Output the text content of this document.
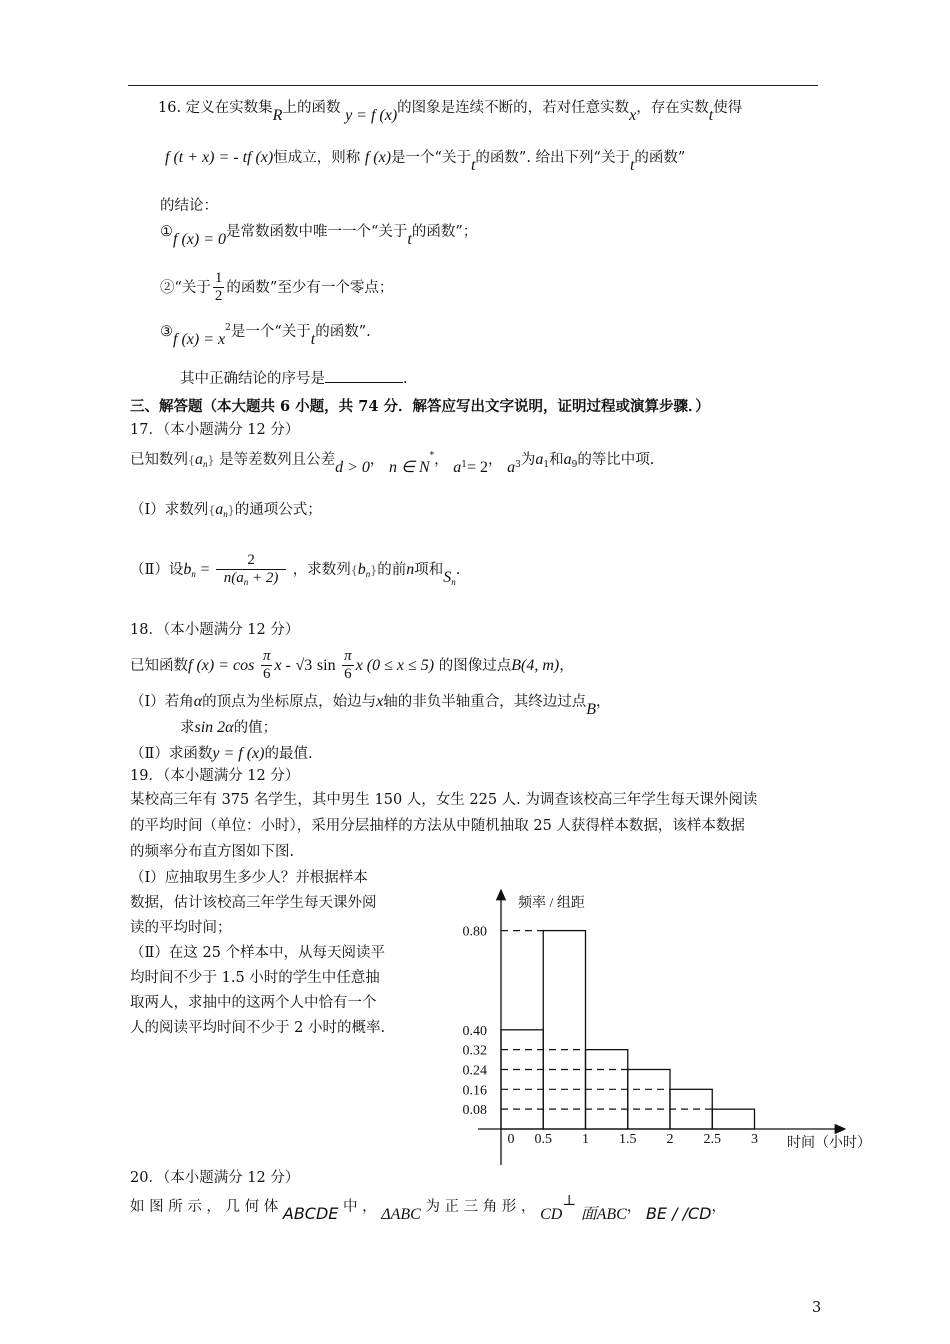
16. 定义在实数集R上的函数 y = f (x)的图象是连续不断的，若对任意实数x，存在实数t使得
f (t + x) = - tf (x)恒成立，则称 f (x)是一个“关于t的函数”. 给出下列“关于t的函数”
的结论：
①f (x) = 0是常数函数中唯一一个“关于t的函数”；
②“关于 $\frac{1}{2}$ 的函数”至少有一个零点；
③f $(x) = x^2$是一个“关于t的函数”.
其中正确结论的序号是	.
三、解答题（本大题共 6 小题，共 74 分．解答应写出文字说明，证明过程或演算步骤．）
17．（本小题满分 12 分）
已知数列$\{a_n\}$ 是等差数列且公差d > 0， n ∈ N*， $a_1= 2$， $a_3$为$a_1$和$a_9$的等比中项.
（Ⅰ）求数列$\{a_n\}$的通项公式；
（Ⅱ）设$b_n = \frac{2}{n(a_n + 2)}$ ，求数列$\{b_n\}$的前n项和$S_n$.
18．（本小题满分 12 分）
已知函数f $(x) = \cos \frac{\pi}{6}$ x - √3 $\sin \frac{\pi}{6}$ x (0 ≤ x ≤ 5) 的图像过点B(4, m)，
（Ⅰ）若角α的顶点为坐标原点，始边与x轴的非负半轴重合，其终边过点B，
求sin 2α的值；
（Ⅱ）求函数y = f (x)的最值.
19．（本小题满分 12 分）
某校高三年有 375 名学生，其中男生 150 人，女生 225 人. 为调查该校高三年学生每天课外阅读
的平均时间（单位：小时），采用分层抽样的方法从中随机抽取 25 人获得样本数据，该样本数据
的频率分布直方图如下图.
（Ⅰ）应抽取男生多少人？并根据样本
数据，估计该校高三年学生每天课外阅
读的平均时间；
（Ⅱ）在这 25 个样本中，从每天阅读平
均时间不少于 1.5 小时的学生中任意抽
取两人，求抽中的这两个人中恰有一个
人的阅读平均时间不少于 2 小时的概率.
频率 / 组距
时间（小时）
0.80
0.40
0.32
0.24
0.16
0.08
0 0.5 1 1.5 2 2.5 3
20．（本小题满分 12 分）
如 图 所 示 ， 几 何 体 ABCDE 中 ， ΔABC 为 正 三 角 形 ， CD⊥ 面ABC， BE / /CD，
3
